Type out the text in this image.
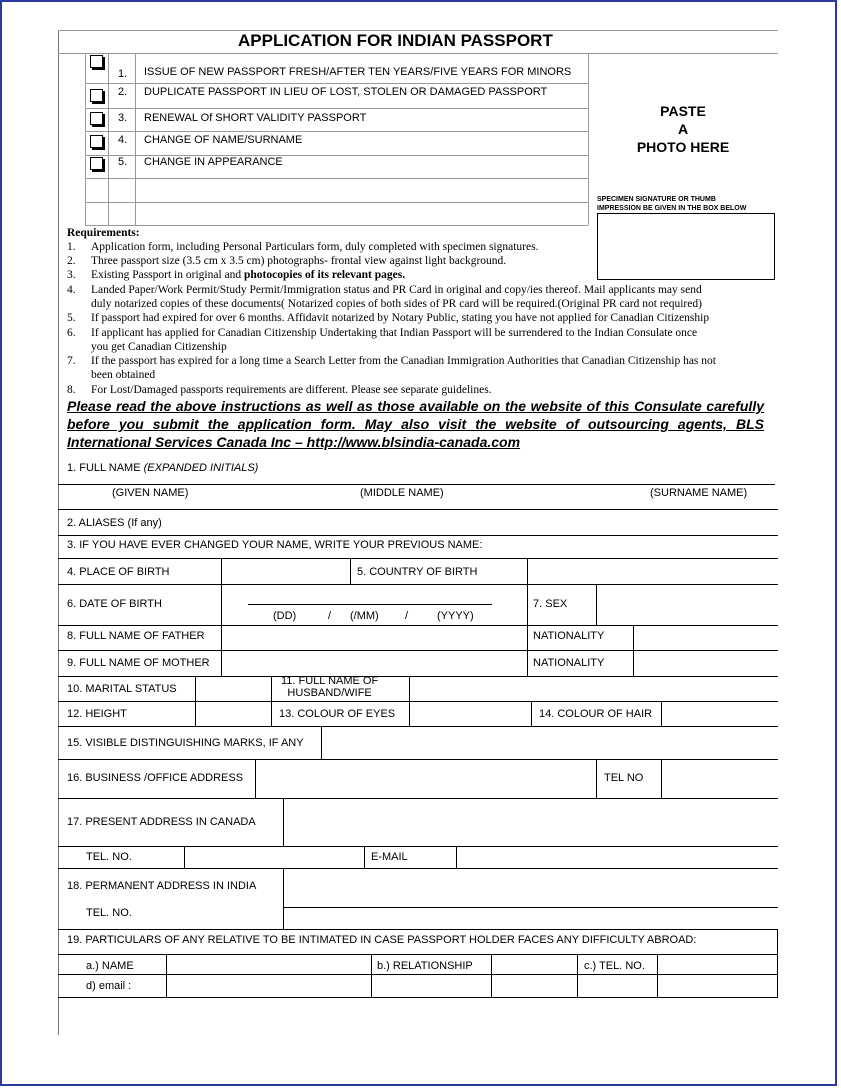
APPLICATION FOR INDIAN PASSPORT
1. ISSUE OF NEW PASSPORT FRESH/AFTER TEN YEARS/FIVE YEARS FOR MINORS
2. DUPLICATE PASSPORT IN LIEU OF LOST, STOLEN OR DAMAGED PASSPORT
3. RENEWAL Of SHORT VALIDITY PASSPORT
4. CHANGE OF NAME/SURNAME
5. CHANGE IN APPEARANCE
PASTE
A
PHOTO HERE
SPECIMEN SIGNATURE OR THUMB
IMPRESSION BE GIVEN IN THE BOX BELOW
Requirements:
1. Application form, including Personal Particulars form, duly completed with specimen signatures.
2. Three passport size (3.5 cm x 3.5 cm) photographs- frontal view against light background.
3. Existing Passport in original and photocopies of its relevant pages.
4. Landed Paper/Work Permit/Study Permit/Immigration status and PR Card in original and copy/ies thereof. Mail applicants may send
duly notarized copies of these documents( Notarized copies of both sides of PR card will be required.(Original PR card not required)
5. If passport had expired for over 6 months. Affidavit notarized by Notary Public, stating you have not applied for Canadian Citizenship
6. If applicant has applied for Canadian Citizenship Undertaking that Indian Passport will be surrendered to the Indian Consulate once
you get Canadian Citizenship
7. If the passport has expired for a long time a Search Letter from the Canadian Immigration Authorities that Canadian Citizenship has not
been obtained
8. For Lost/Damaged passports requirements are different. Please see separate guidelines.
Please read the above instructions as well as those available on the website of this Consulate carefully
before you submit the application form. May also visit the website of outsourcing agents, BLS
International Services Canada Inc – http://www.blsindia-canada.com
1. FULL NAME (EXPANDED INITIALS)
(GIVEN NAME)	(MIDDLE NAME)	(SURNAME NAME)
2. ALIASES (If any)
3. IF YOU HAVE EVER CHANGED YOUR NAME, WRITE YOUR PREVIOUS NAME:
4. PLACE OF BIRTH	5. COUNTRY OF BIRTH
6. DATE OF BIRTH
(DD)	/ (/MM) /	(YYYY)
7. SEX
8. FULL NAME OF FATHER	NATIONALITY
9. FULL NAME OF MOTHER	NATIONALITY
10. MARITAL STATUS
11. FULL NAME OF
HUSBAND/WIFE
12. HEIGHT	13. COLOUR OF EYES	14. COLOUR OF HAIR
15. VISIBLE DISTINGUISHING MARKS, IF ANY
16. BUSINESS /OFFICE ADDRESS	TEL NO
17. PRESENT ADDRESS IN CANADA
TEL. NO.	E-MAIL
18. PERMANENT ADDRESS IN INDIA
TEL. NO.
19. PARTICULARS OF ANY RELATIVE TO BE INTIMATED IN CASE PASSPORT HOLDER FACES ANY DIFFICULTY ABROAD:
a.) NAME	b.) RELATIONSHIP	c.) TEL. NO.
d) email :
